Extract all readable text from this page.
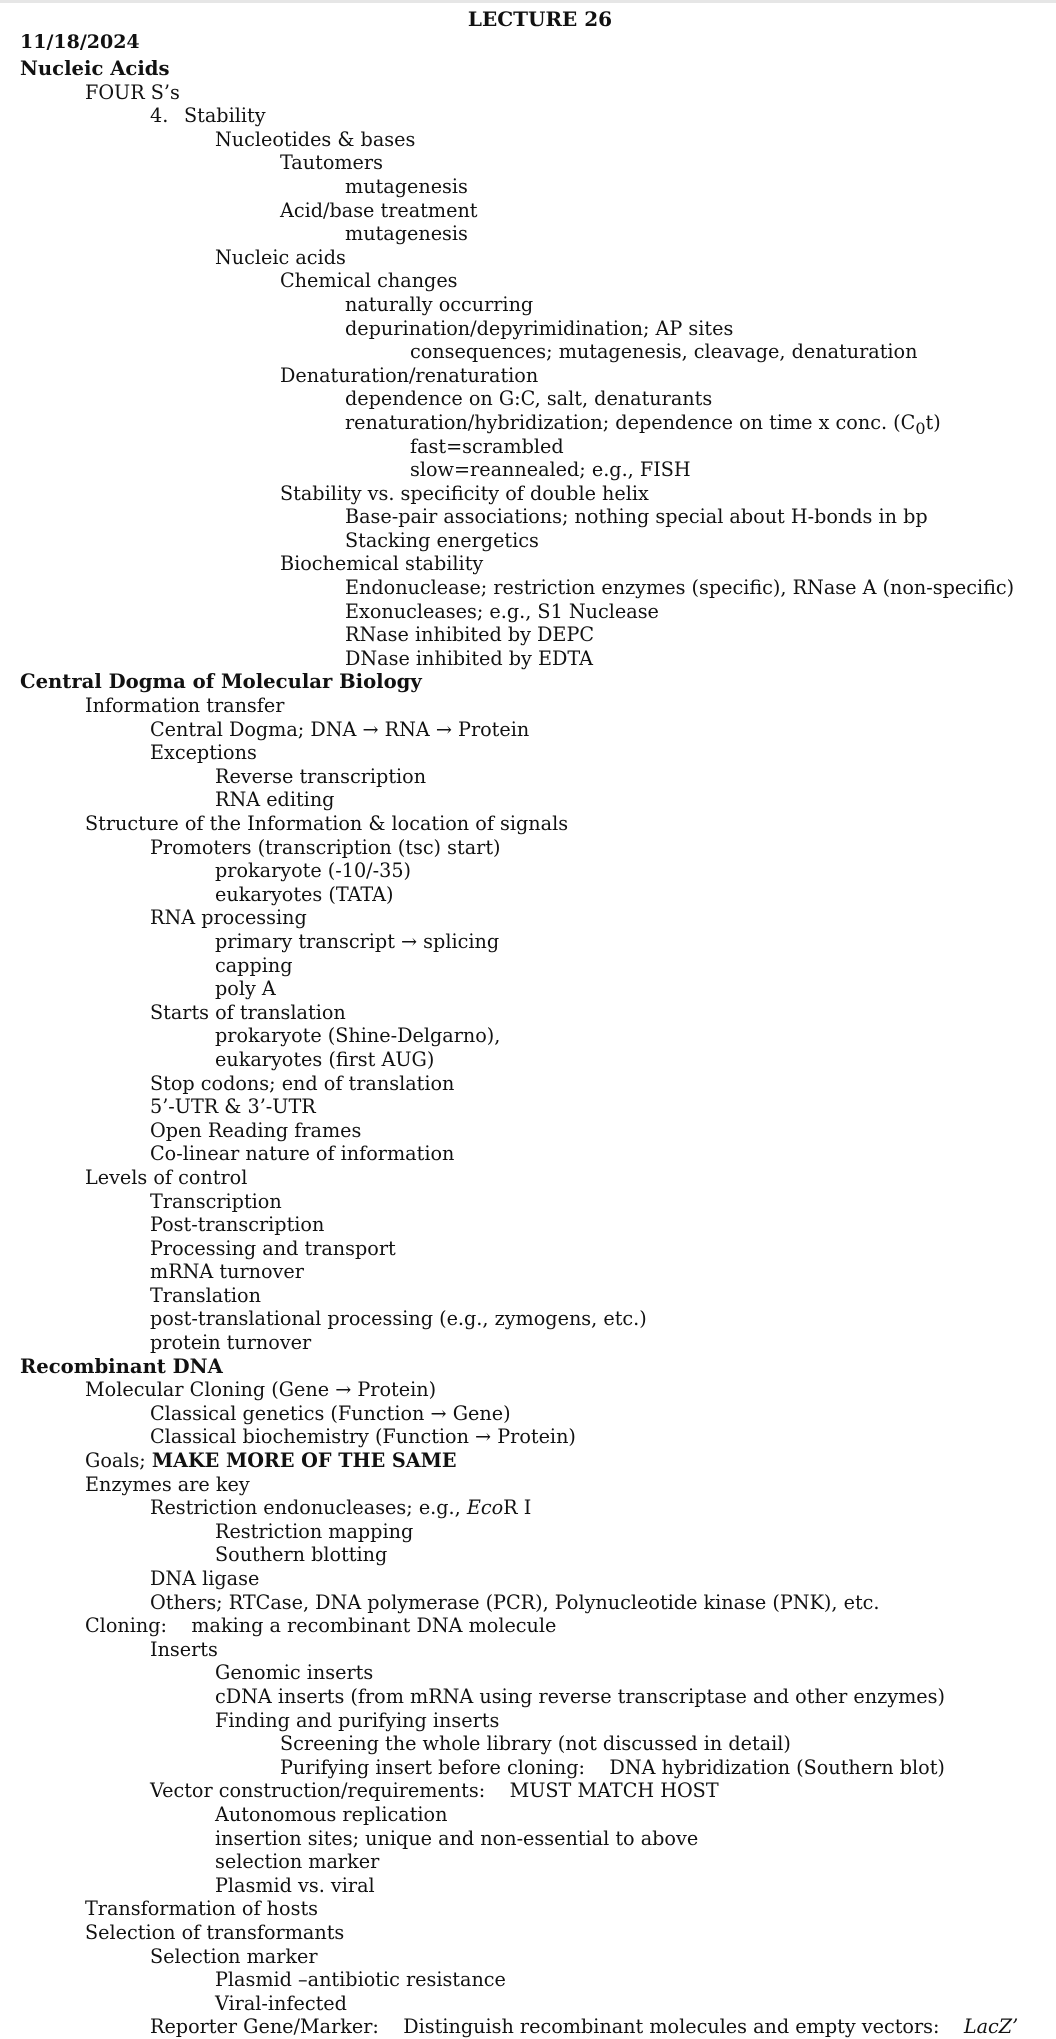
LECTURE 26
11/18/2024
Nucleic Acids
FOUR S’s
4. Stability
Nucleotides & bases
Tautomers
mutagenesis
Acid/base treatment
mutagenesis
Nucleic acids
Chemical changes
naturally occurring
depurination/depyrimidination; AP sites
consequences; mutagenesis, cleavage, denaturation
Denaturation/renaturation
dependence on G:C, salt, denaturants
renaturation/hybridization; dependence on time x conc. $(C_0t)$
fast=scrambled
slow=reannealed; e.g., FISH
Stability vs. specificity of double helix
Base-pair associations; nothing special about H-bonds in bp
Stacking energetics
Biochemical stability
Endonuclease; restriction enzymes (specific), RNase A (non-specific)
Exonucleases; e.g., S1 Nuclease
RNase inhibited by DEPC
DNase inhibited by EDTA
Central Dogma of Molecular Biology
Information transfer
Central Dogma; DNA → RNA → Protein
Exceptions
Reverse transcription
RNA editing
Structure of the Information & location of signals
Promoters (transcription (tsc) start)
prokaryote (-10/-35)
eukaryotes (TATA)
RNA processing
primary transcript → splicing
capping
poly A
Starts of translation
prokaryote (Shine-Delgarno),
eukaryotes (first AUG)
Stop codons; end of translation
5’-UTR & 3’-UTR
Open Reading frames
Co-linear nature of information
Levels of control
Transcription
Post-transcription
Processing and transport
mRNA turnover
Translation
post-translational processing (e.g., zymogens, etc.)
protein turnover
Recombinant DNA
Molecular Cloning (Gene → Protein)
Classical genetics (Function → Gene)
Classical biochemistry (Function → Protein)
Goals; MAKE MORE OF THE SAME
Enzymes are key
Restriction endonucleases; e.g., EcoR I
Restriction mapping
Southern blotting
DNA ligase
Others; RTCase, DNA polymerase (PCR), Polynucleotide kinase (PNK), etc.
Cloning:    making a recombinant DNA molecule
Inserts
Genomic inserts
cDNA inserts (from mRNA using reverse transcriptase and other enzymes)
Finding and purifying inserts
Screening the whole library (not discussed in detail)
Purifying insert before cloning:    DNA hybridization (Southern blot)
Vector construction/requirements:    MUST MATCH HOST
Autonomous replication
insertion sites; unique and non-essential to above
selection marker
Plasmid vs. viral
Transformation of hosts
Selection of transformants
Selection marker
Plasmid –antibiotic resistance
Viral-infected
Reporter Gene/Marker:    Distinguish recombinant molecules and empty vectors:    LacZ’
